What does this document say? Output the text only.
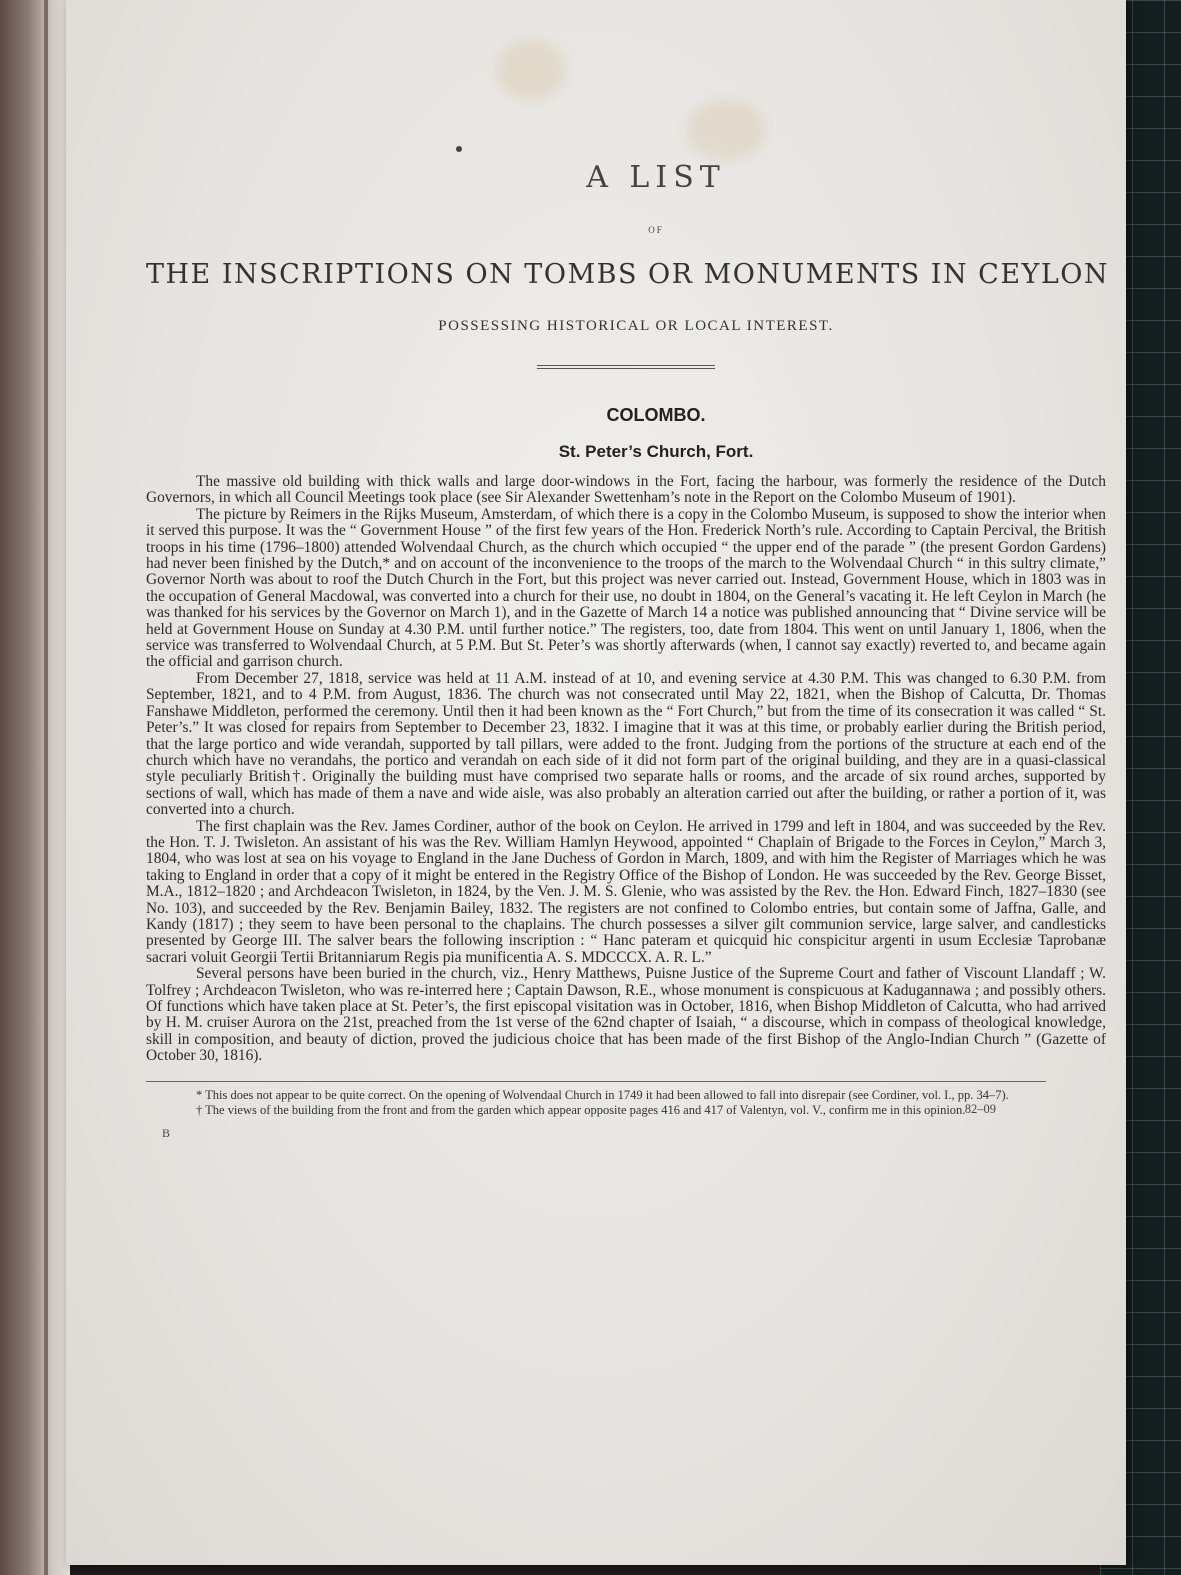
A LIST
OF
THE INSCRIPTIONS ON TOMBS OR MONUMENTS IN CEYLON
POSSESSING HISTORICAL OR LOCAL INTEREST.
COLOMBO.
St. Peter’s Church, Fort.

The massive old building with thick walls and large door-windows in the Fort, facing the harbour, was formerly the residence of the Dutch Governors, in which all Council Meetings took place (see Sir Alexander Swettenham’s note in the Report on the Colombo Museum of 1901).

The picture by Reimers in the Rijks Museum, Amsterdam, of which there is a copy in the Colombo Museum, is supposed to show the interior when it served this purpose. It was the “ Government House ” of the first few years of the Hon. Frederick North’s rule. According to Captain Percival, the British troops in his time (1796–1800) attended Wolvendaal Church, as the church which occupied “ the upper end of the parade ” (the present Gordon Gardens) had never been finished by the Dutch,* and on account of the inconvenience to the troops of the march to the Wolvendaal Church “ in this sultry climate,” Governor North was about to roof the Dutch Church in the Fort, but this project was never carried out. Instead, Government House, which in 1803 was in the occupation of General Macdowal, was converted into a church for their use, no doubt in 1804, on the General’s vacating it. He left Ceylon in March (he was thanked for his services by the Governor on March 1), and in the Gazette of March 14 a notice was published announcing that “ Divine service will be held at Government House on Sunday at 4.30 P.M. until further notice.” The registers, too, date from 1804. This went on until January 1, 1806, when the service was transferred to Wolvendaal Church, at 5 P.M. But St. Peter’s was shortly afterwards (when, I cannot say exactly) reverted to, and became again the official and garrison church.

From December 27, 1818, service was held at 11 A.M. instead of at 10, and evening service at 4.30 P.M. This was changed to 6.30 P.M. from September, 1821, and to 4 P.M. from August, 1836. The church was not consecrated until May 22, 1821, when the Bishop of Calcutta, Dr. Thomas Fanshawe Middleton, performed the ceremony. Until then it had been known as the “ Fort Church,” but from the time of its consecration it was called “ St. Peter’s.” It was closed for repairs from September to December 23, 1832. I imagine that it was at this time, or probably earlier during the British period, that the large portico and wide verandah, supported by tall pillars, were added to the front. Judging from the portions of the structure at each end of the church which have no verandahs, the portico and verandah on each side of it did not form part of the original building, and they are in a quasi-classical style peculiarly British†. Originally the building must have comprised two separate halls or rooms, and the arcade of six round arches, supported by sections of wall, which has made of them a nave and wide aisle, was also probably an alteration carried out after the building, or rather a portion of it, was converted into a church.

The first chaplain was the Rev. James Cordiner, author of the book on Ceylon. He arrived in 1799 and left in 1804, and was succeeded by the Rev. the Hon. T. J. Twisleton. An assistant of his was the Rev. William Hamlyn Heywood, appointed “ Chaplain of Brigade to the Forces in Ceylon,” March 3, 1804, who was lost at sea on his voyage to England in the Jane Duchess of Gordon in March, 1809, and with him the Register of Marriages which he was taking to England in order that a copy of it might be entered in the Registry Office of the Bishop of London. He was succeeded by the Rev. George Bisset, M.A., 1812–1820 ; and Archdeacon Twisleton, in 1824, by the Ven. J. M. S. Glenie, who was assisted by the Rev. the Hon. Edward Finch, 1827–1830 (see No. 103), and succeeded by the Rev. Benjamin Bailey, 1832. The registers are not confined to Colombo entries, but contain some of Jaffna, Galle, and Kandy (1817) ; they seem to have been personal to the chaplains. The church possesses a silver gilt communion service, large salver, and candlesticks presented by George III. The salver bears the following inscription : “ Hanc pateram et quicquid hic conspicitur argenti in usum Ecclesiæ Taprobanæ sacrari voluit Georgii Tertii Britanniarum Regis pia munificentia A. S. MDCCCX. A. R. L.”

Several persons have been buried in the church, viz., Henry Matthews, Puisne Justice of the Supreme Court and father of Viscount Llandaff ; W. Tolfrey ; Archdeacon Twisleton, who was re-interred here ; Captain Dawson, R.E., whose monument is conspicuous at Kadugannawa ; and possibly others. Of functions which have taken place at St. Peter’s, the first episcopal visitation was in October, 1816, when Bishop Middleton of Calcutta, who had arrived by H. M. cruiser Aurora on the 21st, preached from the 1st verse of the 62nd chapter of Isaiah, “ a discourse, which in compass of theological knowledge, skill in composition, and beauty of diction, proved the judicious choice that has been made of the first Bishop of the Anglo-Indian Church ” (Gazette of October 30, 1816).

* This does not appear to be quite correct. On the opening of Wolvendaal Church in 1749 it had been allowed to fall into disrepair (see Cordiner, vol. I., pp. 34–7).

† The views of the building from the front and from the garden which appear opposite pages 416 and 417 of Valentyn, vol. V., confirm me in this opinion.

B
82–09
